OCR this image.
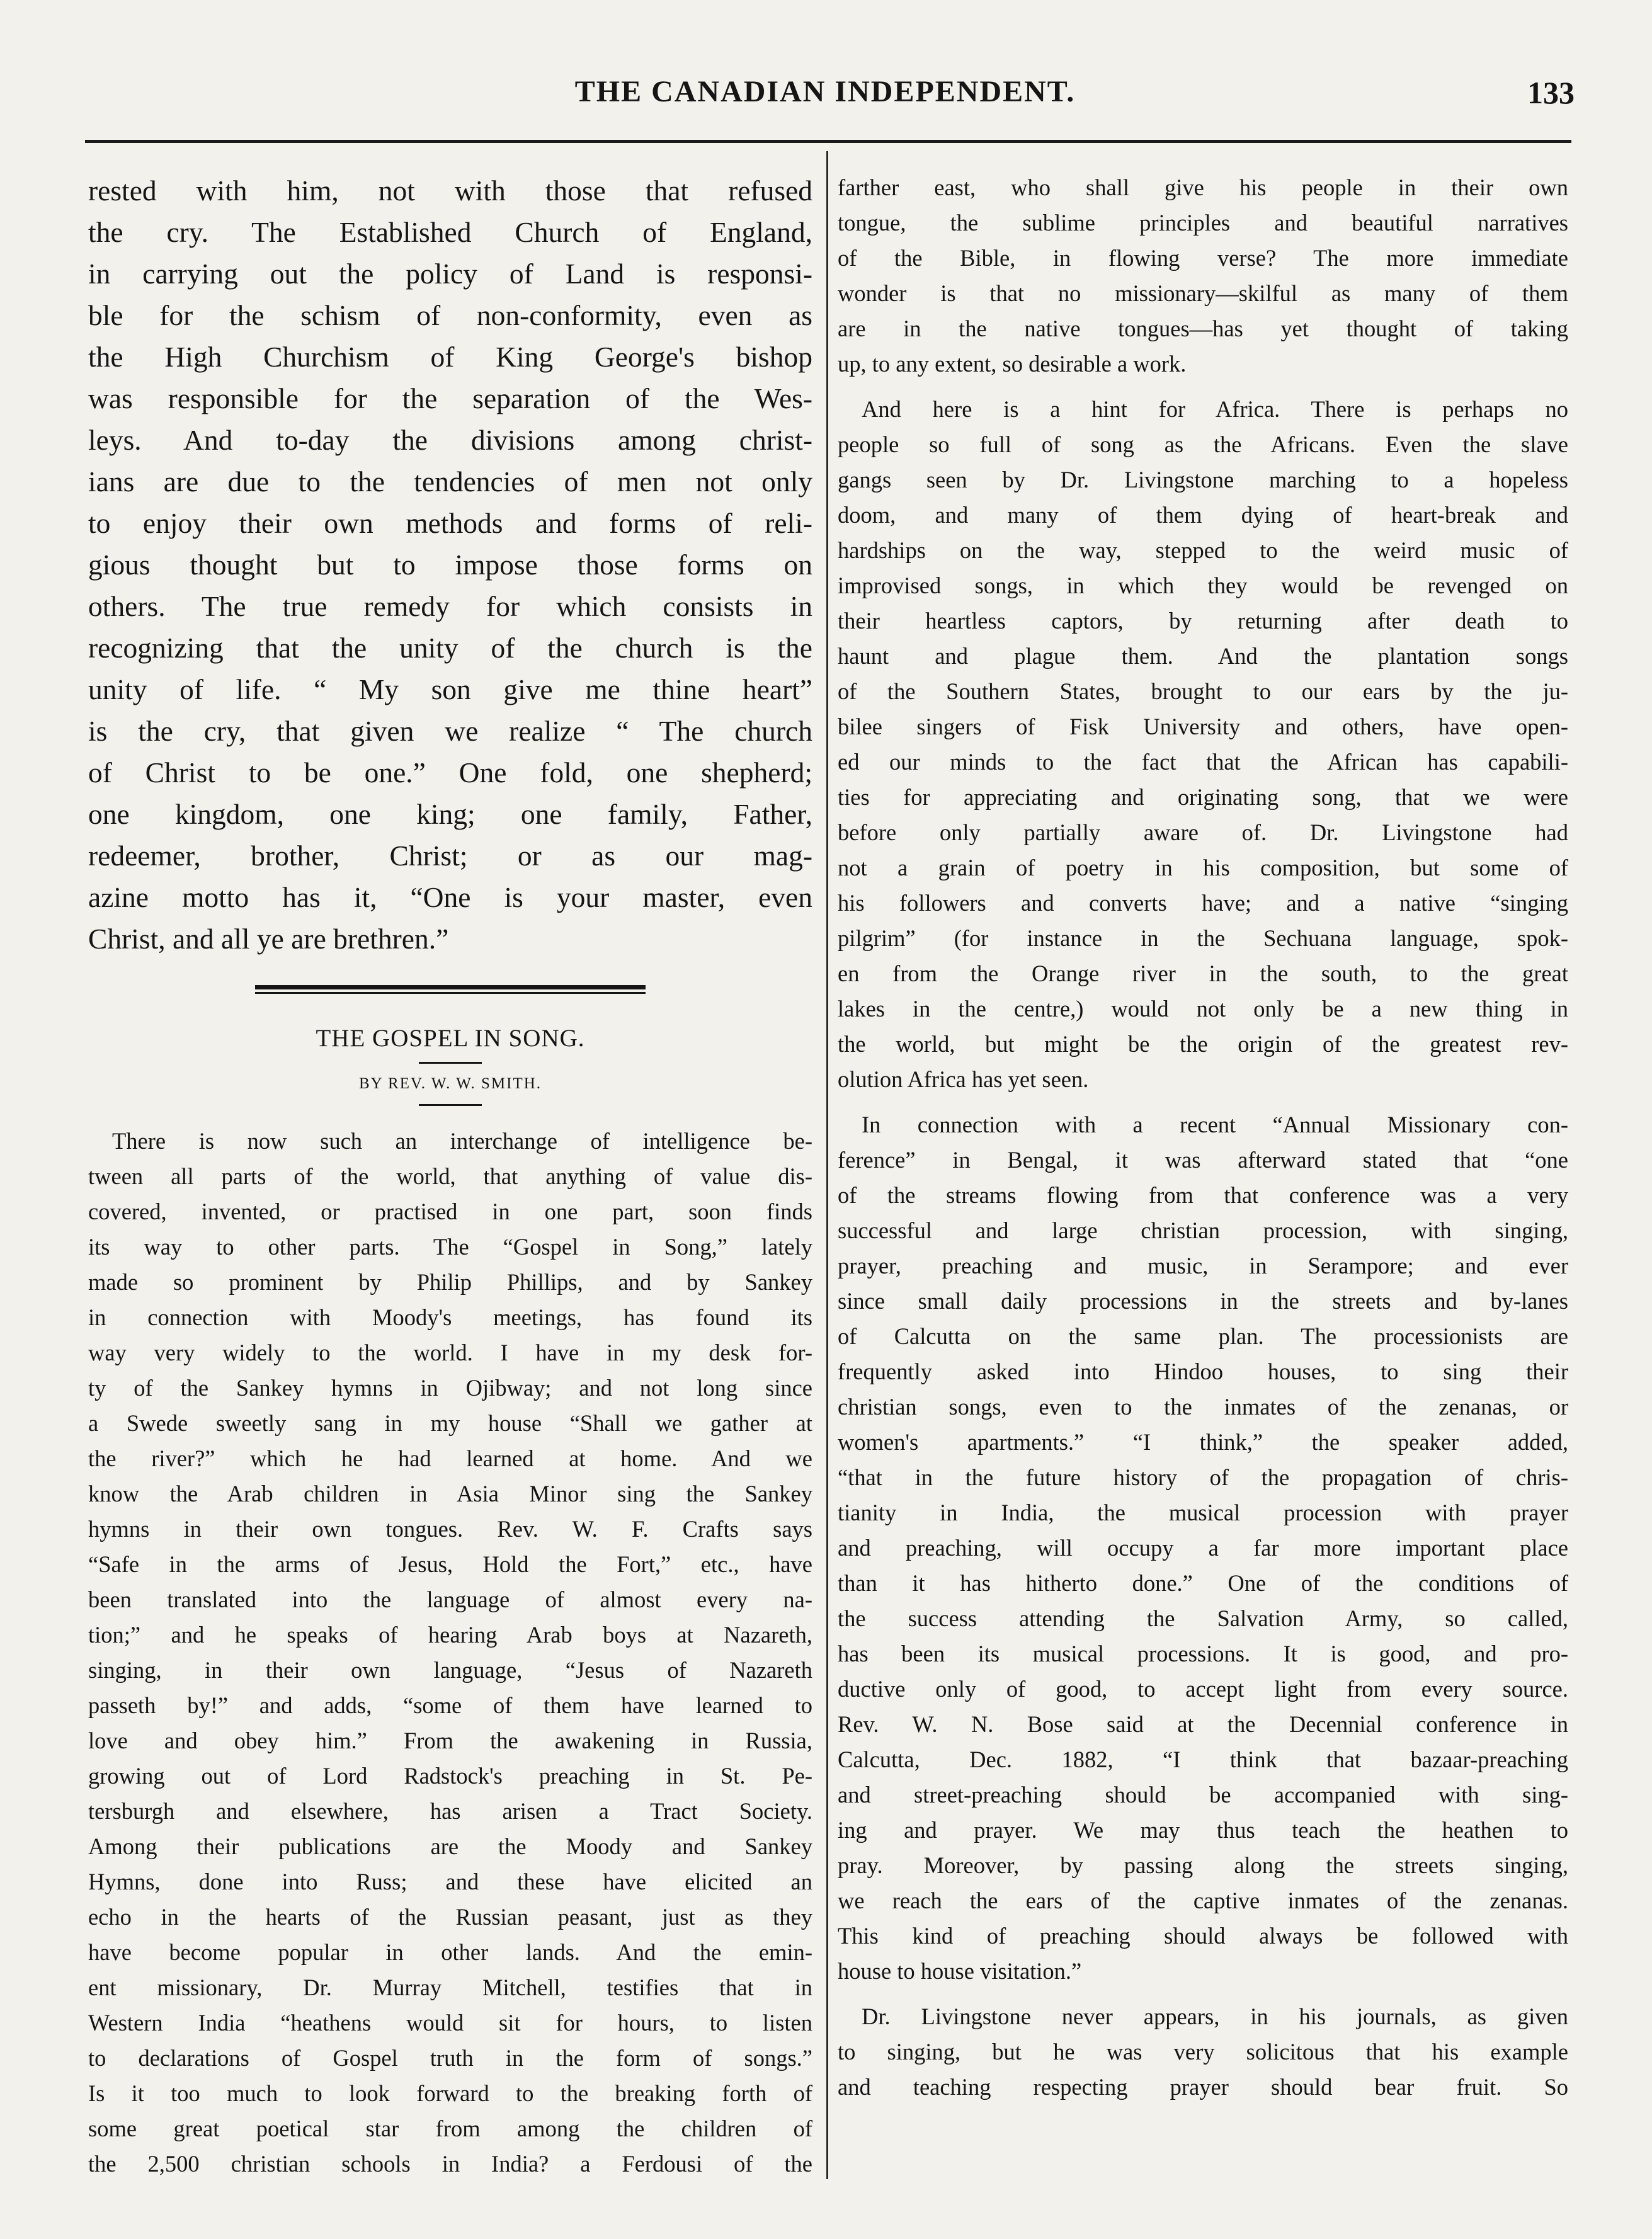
THE CANADIAN INDEPENDENT.	133

rested with him, not with those that refused

the cry. The Established Church of England,

in carrying out the policy of Land is responsi-

ble for the schism of non-conformity, even as

the High Churchism of King George's bishop

was responsible for the separation of the Wes-

leys. And to-day the divisions among christ-

ians are due to the tendencies of men not only

to enjoy their own methods and forms of reli-

gious thought but to impose those forms on

others. The true remedy for which consists in

recognizing that the unity of the church is the

unity of life. “ My son give me thine heart”

is the cry, that given we realize “ The church

of Christ to be one.” One fold, one shepherd;

one kingdom, one king; one family, Father,

redeemer, brother, Christ; or as our mag-

azine motto has it, “One is your master, even

Christ, and all ye are brethren.”

THE GOSPEL IN SONG.
BY REV. W. W. SMITH.

There is now such an interchange of intelligence be-

tween all parts of the world, that anything of value dis-

covered, invented, or practised in one part, soon finds

its way to other parts. The “Gospel in Song,” lately

made so prominent by Philip Phillips, and by Sankey

in connection with Moody's meetings, has found its

way very widely to the world. I have in my desk for-

ty of the Sankey hymns in Ojibway; and not long since

a Swede sweetly sang in my house “Shall we gather at

the river?” which he had learned at home. And we

know the Arab children in Asia Minor sing the Sankey

hymns in their own tongues. Rev. W. F. Crafts says

“Safe in the arms of Jesus, Hold the Fort,” etc., have

been translated into the language of almost every na-

tion;” and he speaks of hearing Arab boys at Nazareth,

singing, in their own language, “Jesus of Nazareth

passeth by!” and adds, “some of them have learned to

love and obey him.” From the awakening in Russia,

growing out of Lord Radstock's preaching in St. Pe-

tersburgh and elsewhere, has arisen a Tract Society.

Among their publications are the Moody and Sankey

Hymns, done into Russ; and these have elicited an

echo in the hearts of the Russian peasant, just as they

have become popular in other lands. And the emin-

ent missionary, Dr. Murray Mitchell, testifies that in

Western India “heathens would sit for hours, to listen

to declarations of Gospel truth in the form of songs.”

Is it too much to look forward to the breaking forth of

some great poetical star from among the children of

the 2,500 christian schools in India? a Ferdousi of the

farther east, who shall give his people in their own

tongue, the sublime principles and beautiful narratives

of the Bible, in flowing verse? The more immediate

wonder is that no missionary—skilful as many of them

are in the native tongues—has yet thought of taking

up, to any extent, so desirable a work.

And here is a hint for Africa. There is perhaps no

people so full of song as the Africans. Even the slave

gangs seen by Dr. Livingstone marching to a hopeless

doom, and many of them dying of heart-break and

hardships on the way, stepped to the weird music of

improvised songs, in which they would be revenged on

their heartless captors, by returning after death to

haunt and plague them. And the plantation songs

of the Southern States, brought to our ears by the ju-

bilee singers of Fisk University and others, have open-

ed our minds to the fact that the African has capabili-

ties for appreciating and originating song, that we were

before only partially aware of. Dr. Livingstone had

not a grain of poetry in his composition, but some of

his followers and converts have; and a native “singing

pilgrim” (for instance in the Sechuana language, spok-

en from the Orange river in the south, to the great

lakes in the centre,) would not only be a new thing in

the world, but might be the origin of the greatest rev-

olution Africa has yet seen.

In connection with a recent “Annual Missionary con-

ference” in Bengal, it was afterward stated that “one

of the streams flowing from that conference was a very

successful and large christian procession, with singing,

prayer, preaching and music, in Serampore; and ever

since small daily processions in the streets and by-lanes

of Calcutta on the same plan. The processionists are

frequently asked into Hindoo houses, to sing their

christian songs, even to the inmates of the zenanas, or

women's apartments.” “I think,” the speaker added,

“that in the future history of the propagation of chris-

tianity in India, the musical procession with prayer

and preaching, will occupy a far more important place

than it has hitherto done.” One of the conditions of

the success attending the Salvation Army, so called,

has been its musical processions. It is good, and pro-

ductive only of good, to accept light from every source.

Rev. W. N. Bose said at the Decennial conference in

Calcutta, Dec. 1882, “I think that bazaar-preaching

and street-preaching should be accompanied with sing-

ing and prayer. We may thus teach the heathen to

pray. Moreover, by passing along the streets singing,

we reach the ears of the captive inmates of the zenanas.

This kind of preaching should always be followed with

house to house visitation.”

Dr. Livingstone never appears, in his journals, as given

to singing, but he was very solicitous that his example

and teaching respecting prayer should bear fruit. So
